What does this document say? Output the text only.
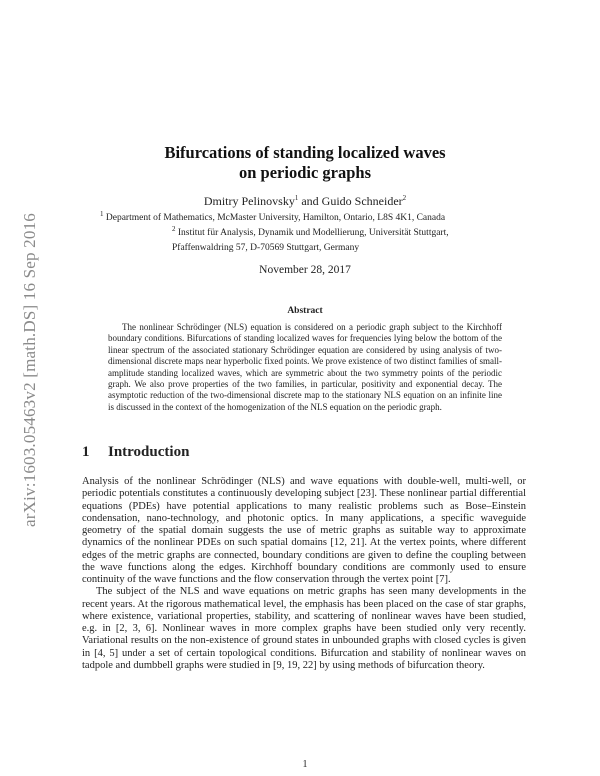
arXiv:1603.05463v2 [math.DS] 16 Sep 2016
Bifurcations of standing localized waves
on periodic graphs
Dmitry Pelinovsky$^1$ and Guido Schneider$^2$
$^1$ Department of Mathematics, McMaster University, Hamilton, Ontario, L8S 4K1, Canada
$^2$ Institut für Analysis, Dynamik und Modellierung, Universität Stuttgart,
Pfaffenwaldring 57, D-70569 Stuttgart, Germany
November 28, 2017
Abstract

The nonlinear Schrödinger (NLS) equation is considered on a periodic graph subject to the Kirchhoff boundary conditions. Bifurcations of standing localized waves for frequencies lying below the bottom of the linear spectrum of the associated stationary Schrödinger equation are considered by using analysis of two-dimensional discrete maps near hyperbolic fixed points. We prove existence of two distinct families of small-amplitude standing localized waves, which are symmetric about the two symmetry points of the periodic graph. We also prove properties of the two families, in particular, positivity and exponential decay. The asymptotic reduction of the two-dimensional discrete map to the stationary NLS equation on an infinite line is discussed in the context of the homogenization of the NLS equation on the periodic graph.

1 Introduction

Analysis of the nonlinear Schrödinger (NLS) and wave equations with double-well, multi-well, or periodic potentials constitutes a continuously developing subject [23]. These nonlinear partial differential equations (PDEs) have potential applications to many realistic problems such as Bose–Einstein condensation, nano-technology, and photonic optics. In many applications, a specific waveguide geometry of the spatial domain suggests the use of metric graphs as suitable way to approximate dynamics of the nonlinear PDEs on such spatial domains [12, 21]. At the vertex points, where different edges of the metric graphs are connected, boundary conditions are given to define the coupling between the wave functions along the edges. Kirchhoff boundary conditions are commonly used to ensure continuity of the wave functions and the flow conservation through the vertex point [7].

The subject of the NLS and wave equations on metric graphs has seen many developments in the recent years. At the rigorous mathematical level, the emphasis has been placed on the case of star graphs, where existence, variational properties, stability, and scattering of nonlinear waves have been studied, e.g. in [2, 3, 6]. Nonlinear waves in more complex graphs have been studied only very recently. Variational results on the non-existence of ground states in unbounded graphs with closed cycles is given in [4, 5] under a set of certain topological conditions. Bifurcation and stability of nonlinear waves on tadpole and dumbbell graphs were studied in [9, 19, 22] by using methods of bifurcation theory.

1
